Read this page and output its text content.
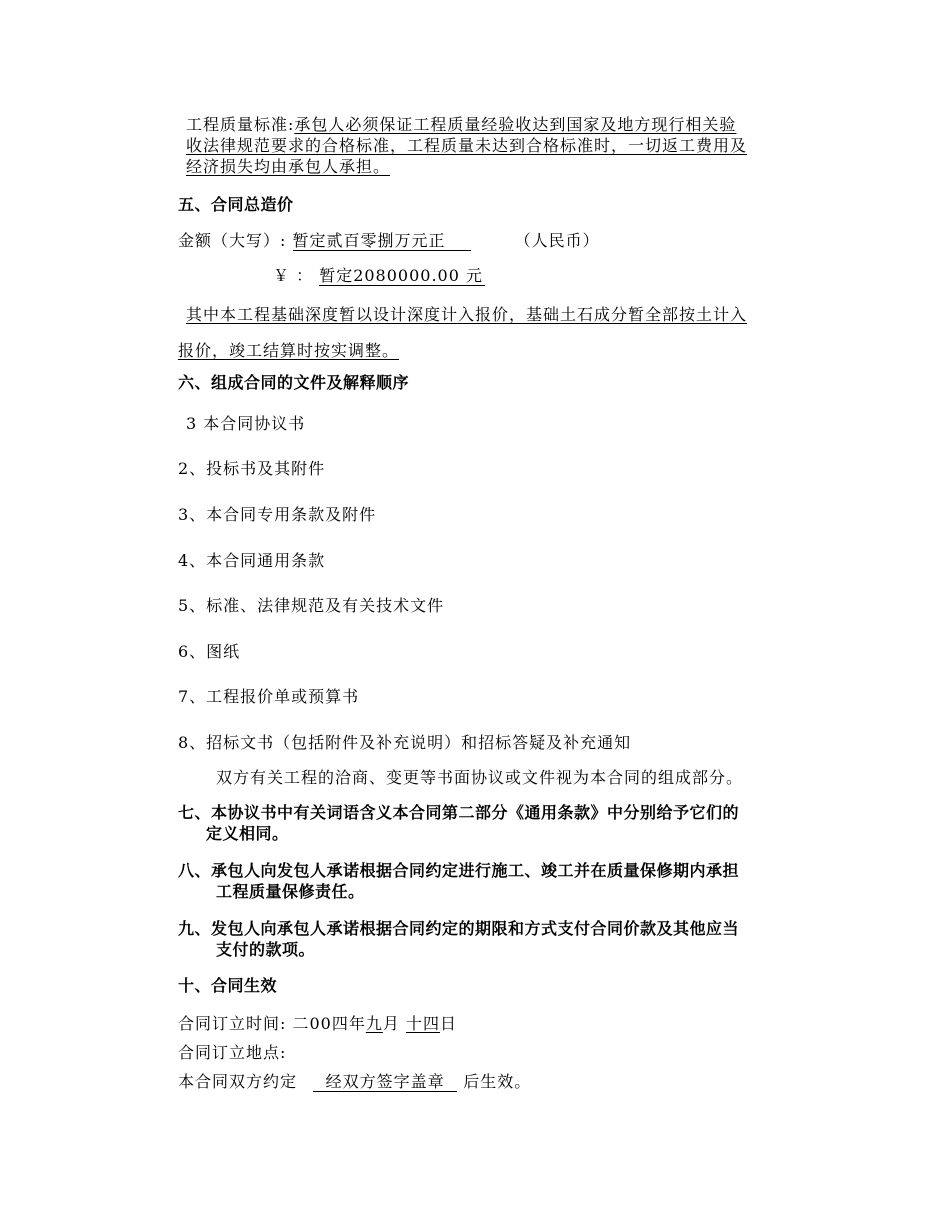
工程质量标准:承包人必须保证工程质量经验收达到国家及地方现行相关验
收法律规范要求的合格标准，工程质量未达到合格标准时，一切返工费用及
经济损失均由承包人承担。
五、合同总造价
金额（大写）: 暂定贰百零捌万元正	（人民币）
￥ ： 暂定2080000.00 元
其中本工程基础深度暂以设计深度计入报价，基础土石成分暂全部按土计入
报价，竣工结算时按实调整。
六、组成合同的文件及解释顺序
3 本合同协议书
2、投标书及其附件
3、本合同专用条款及附件
4、本合同通用条款
5、标准、法律规范及有关技术文件
6、图纸
7、工程报价单或预算书
8、招标文书（包括附件及补充说明）和招标答疑及补充通知
双方有关工程的洽商、变更等书面协议或文件视为本合同的组成部分。
七、本协议书中有关词语含义本合同第二部分《通用条款》中分别给予它们的
定义相同。
八、承包人向发包人承诺根据合同约定进行施工、竣工并在质量保修期内承担
工程质量保修责任。
九、发包人向承包人承诺根据合同约定的期限和方式支付合同价款及其他应当
支付的款项。
十、合同生效
合同订立时间: 二00四年九月 十四日
合同订立地点:
本合同双方约定 经双方签字盖章 后生效。
